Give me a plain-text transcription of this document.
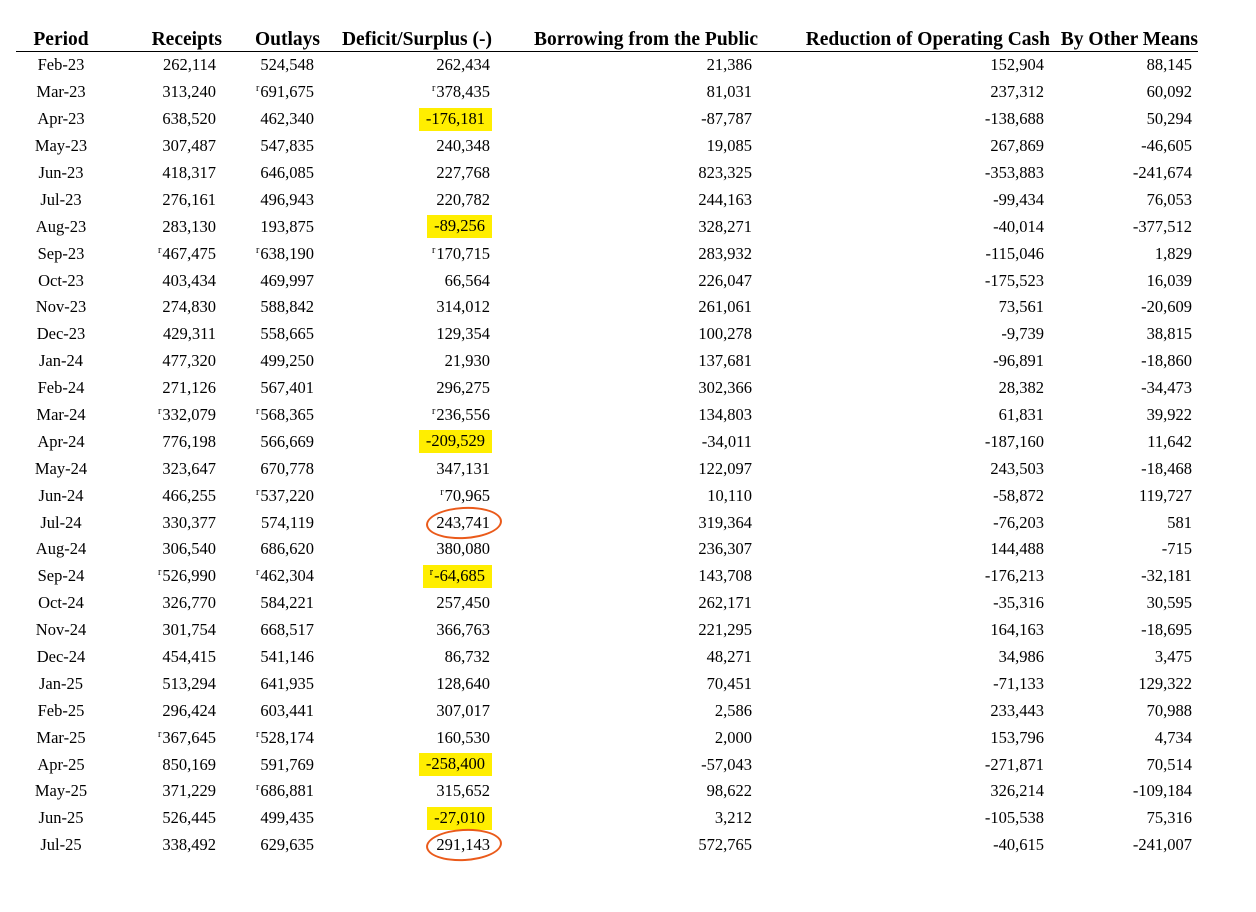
Period	Receipts	Outlays	Deficit/Surplus (-)	Borrowing from the Public	Reduction of Operating Cash	By Other Means
Feb-23	262,114	524,548	262,434	21,386	152,904	88,145
Mar-23	313,240	$^r$691,675	$^r$378,435	81,031	237,312	60,092
Apr-23	638,520	462,340	-176,181	-87,787	-138,688	50,294
May-23	307,487	547,835	240,348	19,085	267,869	-46,605
Jun-23	418,317	646,085	227,768	823,325	-353,883	-241,674
Jul-23	276,161	496,943	220,782	244,163	-99,434	76,053
Aug-23	283,130	193,875	-89,256	328,271	-40,014	-377,512
Sep-23	$^r$467,475	$^r$638,190	$^r$170,715	283,932	-115,046	1,829
Oct-23	403,434	469,997	66,564	226,047	-175,523	16,039
Nov-23	274,830	588,842	314,012	261,061	73,561	-20,609
Dec-23	429,311	558,665	129,354	100,278	-9,739	38,815
Jan-24	477,320	499,250	21,930	137,681	-96,891	-18,860
Feb-24	271,126	567,401	296,275	302,366	28,382	-34,473
Mar-24	$^r$332,079	$^r$568,365	$^r$236,556	134,803	61,831	39,922
Apr-24	776,198	566,669	-209,529	-34,011	-187,160	11,642
May-24	323,647	670,778	347,131	122,097	243,503	-18,468
Jun-24	466,255	$^r$537,220	$^r$70,965	10,110	-58,872	119,727
Jul-24	330,377	574,119	243,741	319,364	-76,203	581
Aug-24	306,540	686,620	380,080	236,307	144,488	-715
Sep-24	$^r$526,990	$^r$462,304	$^r$-64,685	143,708	-176,213	-32,181
Oct-24	326,770	584,221	257,450	262,171	-35,316	30,595
Nov-24	301,754	668,517	366,763	221,295	164,163	-18,695
Dec-24	454,415	541,146	86,732	48,271	34,986	3,475
Jan-25	513,294	641,935	128,640	70,451	-71,133	129,322
Feb-25	296,424	603,441	307,017	2,586	233,443	70,988
Mar-25	$^r$367,645	$^r$528,174	160,530	2,000	153,796	4,734
Apr-25	850,169	591,769	-258,400	-57,043	-271,871	70,514
May-25	371,229	$^r$686,881	315,652	98,622	326,214	-109,184
Jun-25	526,445	499,435	-27,010	3,212	-105,538	75,316
Jul-25	338,492	629,635	291,143	572,765	-40,615	-241,007
